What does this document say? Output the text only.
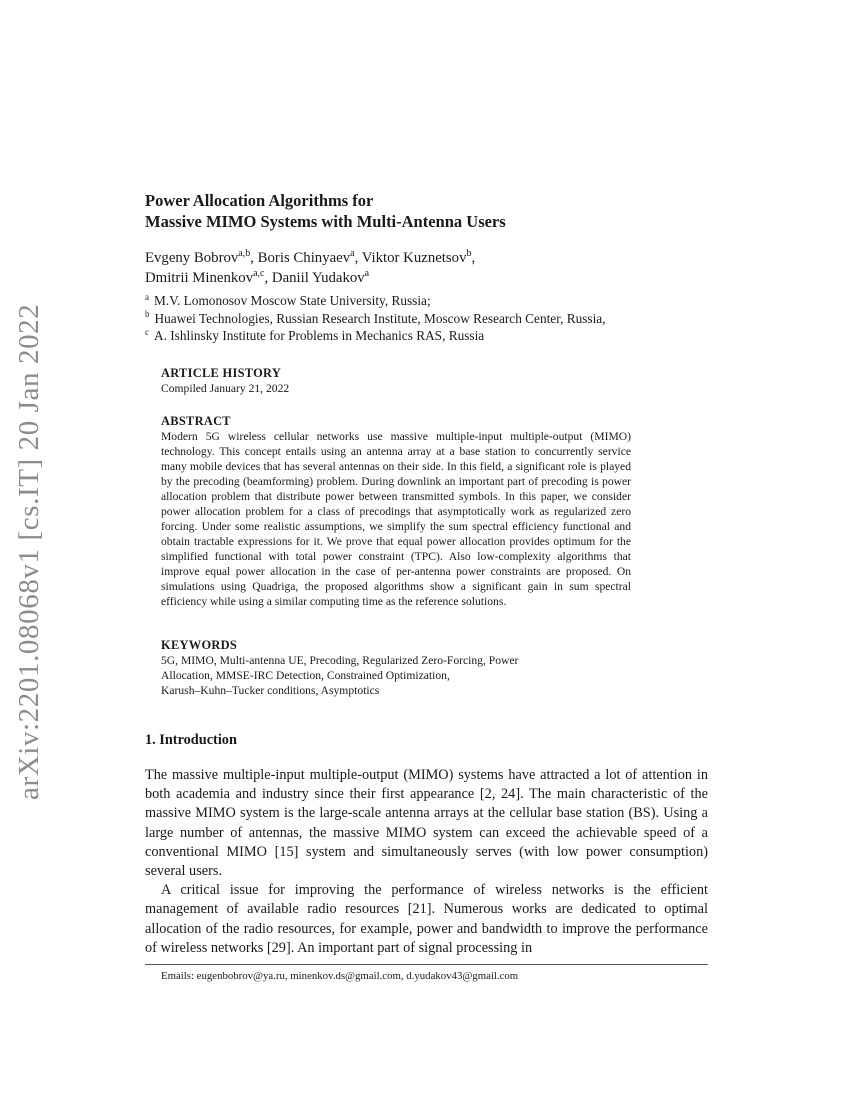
arXiv:2201.08068v1 [cs.IT] 20 Jan 2022
Power Allocation Algorithms for
Massive MIMO Systems with Multi-Antenna Users
Evgeny Bobrov$^{a,b}$, Boris Chinyaev$^a$, Viktor Kuznetsov$^b$,
Dmitrii Minenkov$^{a,c}$, Daniil Yudakov$^a$
$^a$ M.V. Lomonosov Moscow State University, Russia;
$^b$ Huawei Technologies, Russian Research Institute, Moscow Research Center, Russia,
$^c$ A. Ishlinsky Institute for Problems in Mechanics RAS, Russia
ARTICLE HISTORY
Compiled January 21, 2022
ABSTRACT
Modern 5G wireless cellular networks use massive multiple-input multiple-output (MIMO) technology. This concept entails using an antenna array at a base station to concurrently service many mobile devices that has several antennas on their side. In this field, a significant role is played by the precoding (beamforming) problem. During downlink an important part of precoding is power allocation problem that distribute power between transmitted symbols. In this paper, we consider power allocation problem for a class of precodings that asymptotically work as regularized zero forcing. Under some realistic assumptions, we simplify the sum spectral efficiency functional and obtain tractable expressions for it. We prove that equal power allocation provides optimum for the simplified functional with total power constraint (TPC). Also low-complexity algorithms that improve equal power allocation in the case of per-antenna power constraints are proposed. On simulations using Quadriga, the proposed algorithms show a significant gain in sum spectral efficiency while using a similar computing time as the reference solutions.
KEYWORDS
5G, MIMO, Multi-antenna UE, Precoding, Regularized Zero-Forcing, Power
Allocation, MMSE-IRC Detection, Constrained Optimization,
Karush–Kuhn–Tucker conditions, Asymptotics
1. Introduction

The massive multiple-input multiple-output (MIMO) systems have attracted a lot of attention in both academia and industry since their first appearance [2, 24]. The main characteristic of the massive MIMO system is the large-scale antenna arrays at the cellular base station (BS). Using a large number of antennas, the massive MIMO system can exceed the achievable speed of a conventional MIMO [15] system and simultaneously serves (with low power consumption) several users.

A critical issue for improving the performance of wireless networks is the efficient management of available radio resources [21]. Numerous works are dedicated to optimal allocation of the radio resources, for example, power and bandwidth to improve the performance of wireless networks [29]. An important part of signal processing in

Emails: eugenbobrov@ya.ru, minenkov.ds@gmail.com, d.yudakov43@gmail.com
